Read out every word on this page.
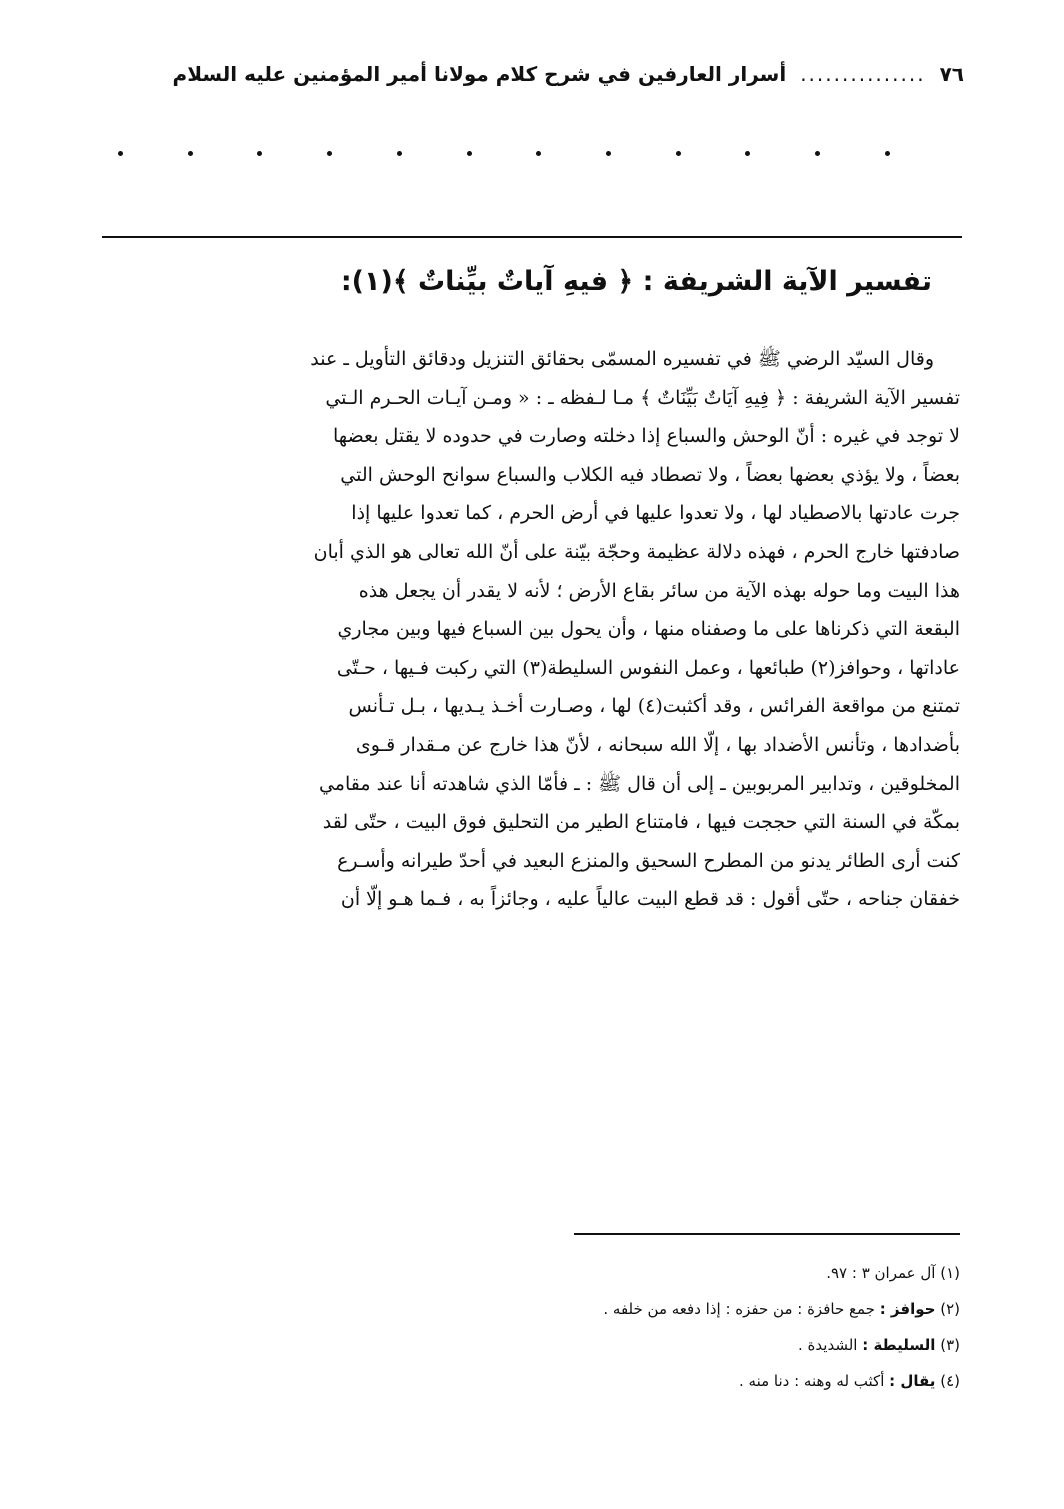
٧٦
...............
أسرار العارفين في شرح كلام مولانا أمير المؤمنين عليه السلام
تفسير الآية الشريفة : ﴿ فيهِ آياتٌ بيِّناتٌ ﴾(١):

وقال السيّد الرضي ﷺ في تفسيره المسمّى بحقائق التنزيل ودقائق التأويل ـ عند

تفسير الآية الشريفة : ﴿ فِيهِ آيَاتٌ بَيِّنَاتٌ ﴾ مـا لـفظه ـ : « ومـن آيـات الحـرم الـتي

لا توجد في غيره : أنّ الوحش والسباع إذا دخلته وصارت في حدوده لا يقتل بعضها

بعضاً ، ولا يؤذي بعضها بعضاً ، ولا تصطاد فيه الكلاب والسباع سوانح الوحش التي

جرت عادتها بالاصطياد لها ، ولا تعدوا عليها في أرض الحرم ، كما تعدوا عليها إذا

صادفتها خارج الحرم ، فهذه دلالة عظيمة وحجّة بيّنة على أنّ الله تعالى هو الذي أبان

هذا البيت وما حوله بهذه الآية من سائر بقاع الأرض ؛ لأنه لا يقدر أن يجعل هذه

البقعة التي ذكرناها على ما وصفناه منها ، وأن يحول بين السباع فيها وبين مجاري

عاداتها ، وحوافز(٢) طبائعها ، وعمل النفوس السليطة(٣) التي ركبت فـيها ، حـتّى

تمتنع من مواقعة الفرائس ، وقد أكثبت(٤) لها ، وصـارت أخـذ يـديها ، بـل تـأنس

بأضدادها ، وتأنس الأضداد بها ، إلّا الله سبحانه ، لأنّ هذا خارج عن مـقدار قـوى

المخلوقين ، وتدابير المربوبين ـ إلى أن قال ﷺ : ـ فأمّا الذي شاهدته أنا عند مقامي

بمكّة في السنة التي حججت فيها ، فامتناع الطير من التحليق فوق البيت ، حتّى لقد

كنت أرى الطائر يدنو من المطرح السحيق والمنزع البعيد في أحدّ طيرانه وأسـرع

خفقان جناحه ، حتّى أقول : قد قطع البيت عالياً عليه ، وجائزاً به ، فـما هـو إلّا أن

(١) آل عمران ٣ : ٩٧.

(٢) حوافز : جمع حافزة : من حفزه : إذا دفعه من خلفه .

(٣) السليطة : الشديدة .

(٤) يقال : أكثب له وهنه : دنا منه .
